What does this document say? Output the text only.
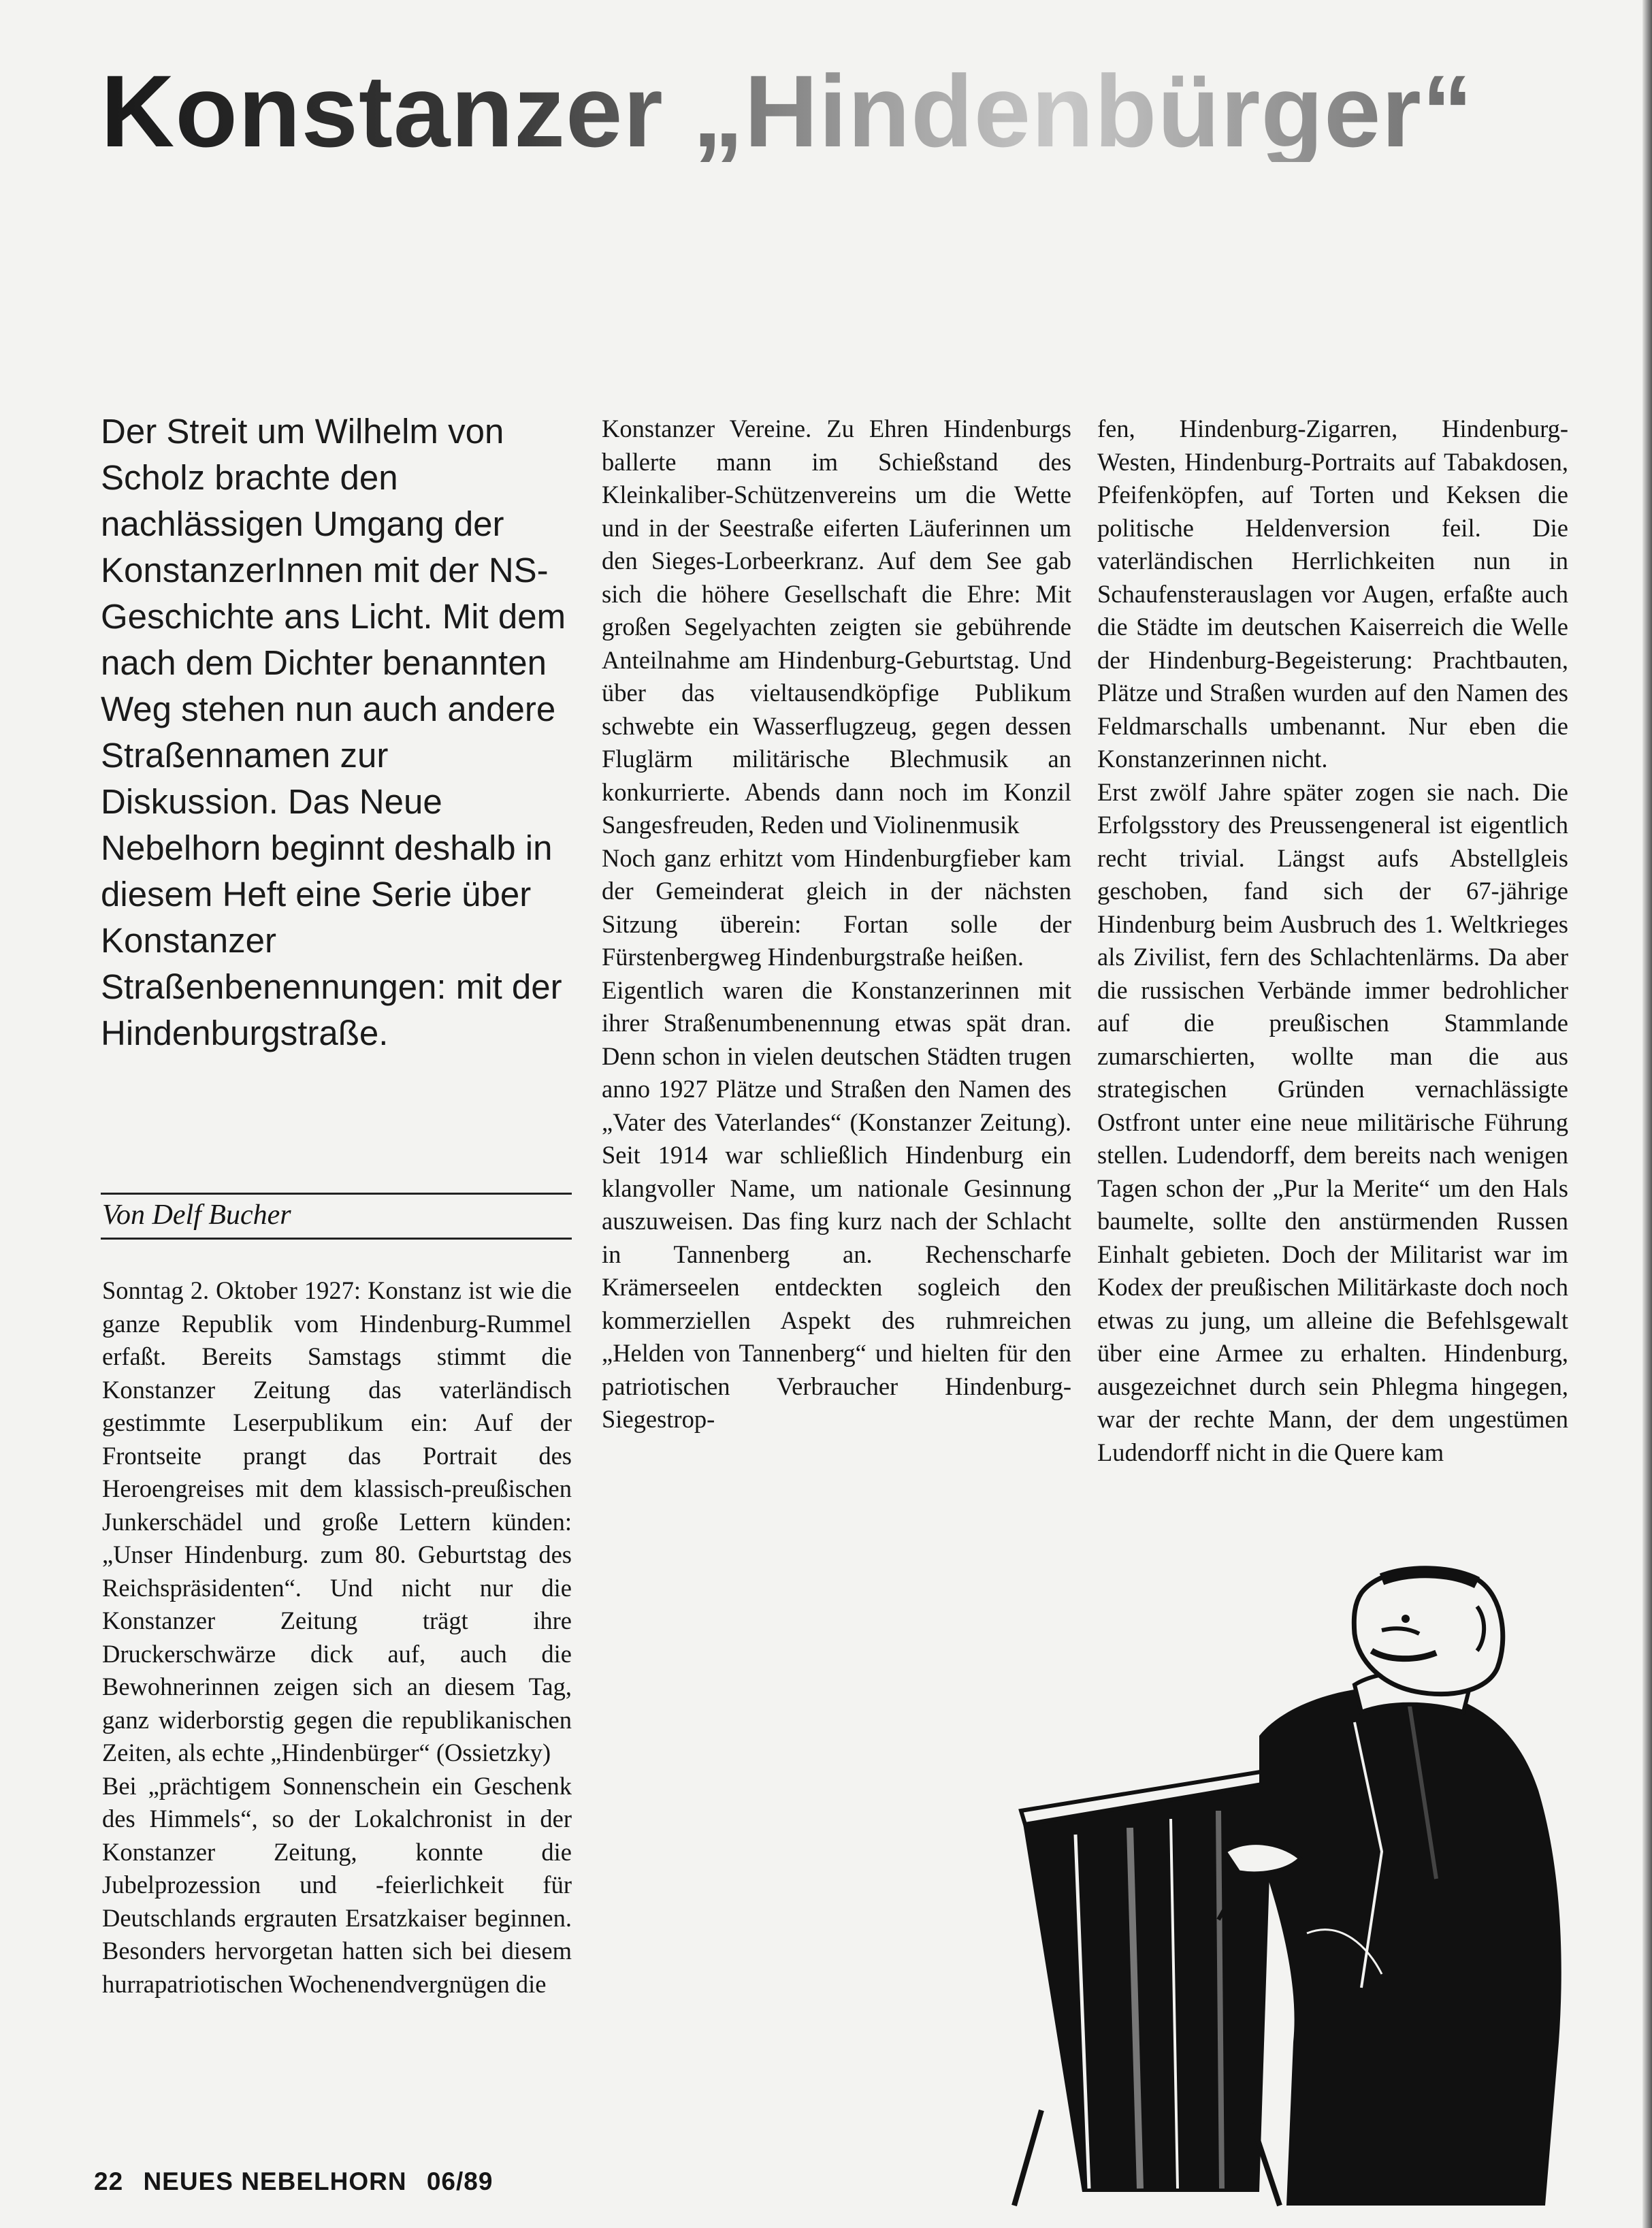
Konstanzer „Hindenbürger“

Der Streit um Wilhelm von Scholz brachte den nachlässigen Umgang der KonstanzerInnen mit der NS-Geschichte ans Licht. Mit dem nach dem Dichter benannten Weg stehen nun auch andere Straßennamen zur Diskussion. Das Neue Nebelhorn beginnt deshalb in diesem Heft eine Serie über Konstanzer Straßenbenennungen: mit der Hindenburgstraße.

Von Delf Bucher

Sonntag 2. Oktober 1927: Konstanz ist wie die ganze Republik vom Hindenburg-Rummel erfaßt. Bereits Samstags stimmt die Konstanzer Zeitung das vaterländisch gestimmte Leserpublikum ein: Auf der Frontseite prangt das Portrait des Heroengreises mit dem klassisch-preußischen Junkerschädel und große Lettern künden: „Unser Hindenburg. zum 80. Geburtstag des Reichspräsidenten“. Und nicht nur die Konstanzer Zeitung trägt ihre Druckerschwärze dick auf, auch die Bewohnerinnen zeigen sich an diesem Tag, ganz widerborstig gegen die republikanischen Zeiten, als echte „Hindenbürger“ (Ossietzky)

Bei „prächtigem Sonnenschein ein Geschenk des Himmels“, so der Lokalchronist in der Konstanzer Zeitung, konnte die Jubelprozession und -feierlichkeit für Deutschlands ergrauten Ersatzkaiser beginnen. Besonders hervorgetan hatten sich bei diesem hurrapatriotischen Wochenendvergnügen die

Konstanzer Vereine. Zu Ehren Hindenburgs ballerte mann im Schießstand des Kleinkaliber-Schützenvereins um die Wette und in der Seestraße eiferten Läuferinnen um den Sieges-Lorbeerkranz. Auf dem See gab sich die höhere Gesellschaft die Ehre: Mit großen Segelyachten zeigten sie gebührende Anteilnahme am Hindenburg-Geburtstag. Und über das vieltausendköpfige Publikum schwebte ein Wasserflugzeug, gegen dessen Fluglärm militärische Blechmusik an konkurrierte. Abends dann noch im Konzil Sangesfreuden, Reden und Violinenmusik

Noch ganz erhitzt vom Hindenburgfieber kam der Gemeinderat gleich in der nächsten Sitzung überein: Fortan solle der Fürstenbergweg Hindenburgstraße heißen.

Eigentlich waren die Konstanzerinnen mit ihrer Straßenumbenennung etwas spät dran. Denn schon in vielen deutschen Städten trugen anno 1927 Plätze und Straßen den Namen des „Vater des Vaterlandes“ (Konstanzer Zeitung). Seit 1914 war schließlich Hindenburg ein klangvoller Name, um nationale Gesinnung auszuweisen. Das fing kurz nach der Schlacht in Tannenberg an. Rechenscharfe Krämerseelen entdeckten sogleich den kommerziellen Aspekt des ruhmreichen „Helden von Tannenberg“ und hielten für den patriotischen Verbraucher Hindenburg-Siegestrop-

fen, Hindenburg-Zigarren, Hindenburg-Westen, Hindenburg-Portraits auf Tabakdosen, Pfeifenköpfen, auf Torten und Keksen die politische Heldenversion feil. Die vaterländischen Herrlichkeiten nun in Schaufensterauslagen vor Augen, erfaßte auch die Städte im deutschen Kaiserreich die Welle der Hindenburg-Begeisterung: Prachtbauten, Plätze und Straßen wurden auf den Namen des Feldmarschalls umbenannt. Nur eben die Konstanzerinnen nicht.

Erst zwölf Jahre später zogen sie nach. Die Erfolgsstory des Preussengeneral ist eigentlich recht trivial. Längst aufs Abstellgleis geschoben, fand sich der 67-jährige Hindenburg beim Ausbruch des 1. Weltkrieges als Zivilist, fern des Schlachtenlärms. Da aber die russischen Verbände immer bedrohlicher auf die preußischen Stammlande zumarschierten, wollte man die aus strategischen Gründen vernachlässigte Ostfront unter eine neue militärische Führung stellen. Ludendorff, dem bereits nach wenigen Tagen schon der „Pur la Merite“ um den Hals baumelte, sollte den anstürmenden Russen Einhalt gebieten. Doch der Militarist war im Kodex der preußischen Militärkaste doch noch etwas zu jung, um alleine die Befehlsgewalt über eine Armee zu erhalten. Hindenburg, ausgezeichnet durch sein Phlegma hingegen, war der rechte Mann, der dem ungestümen Ludendorff nicht in die Quere kam

22 NEUES NEBELHORN 06/89
